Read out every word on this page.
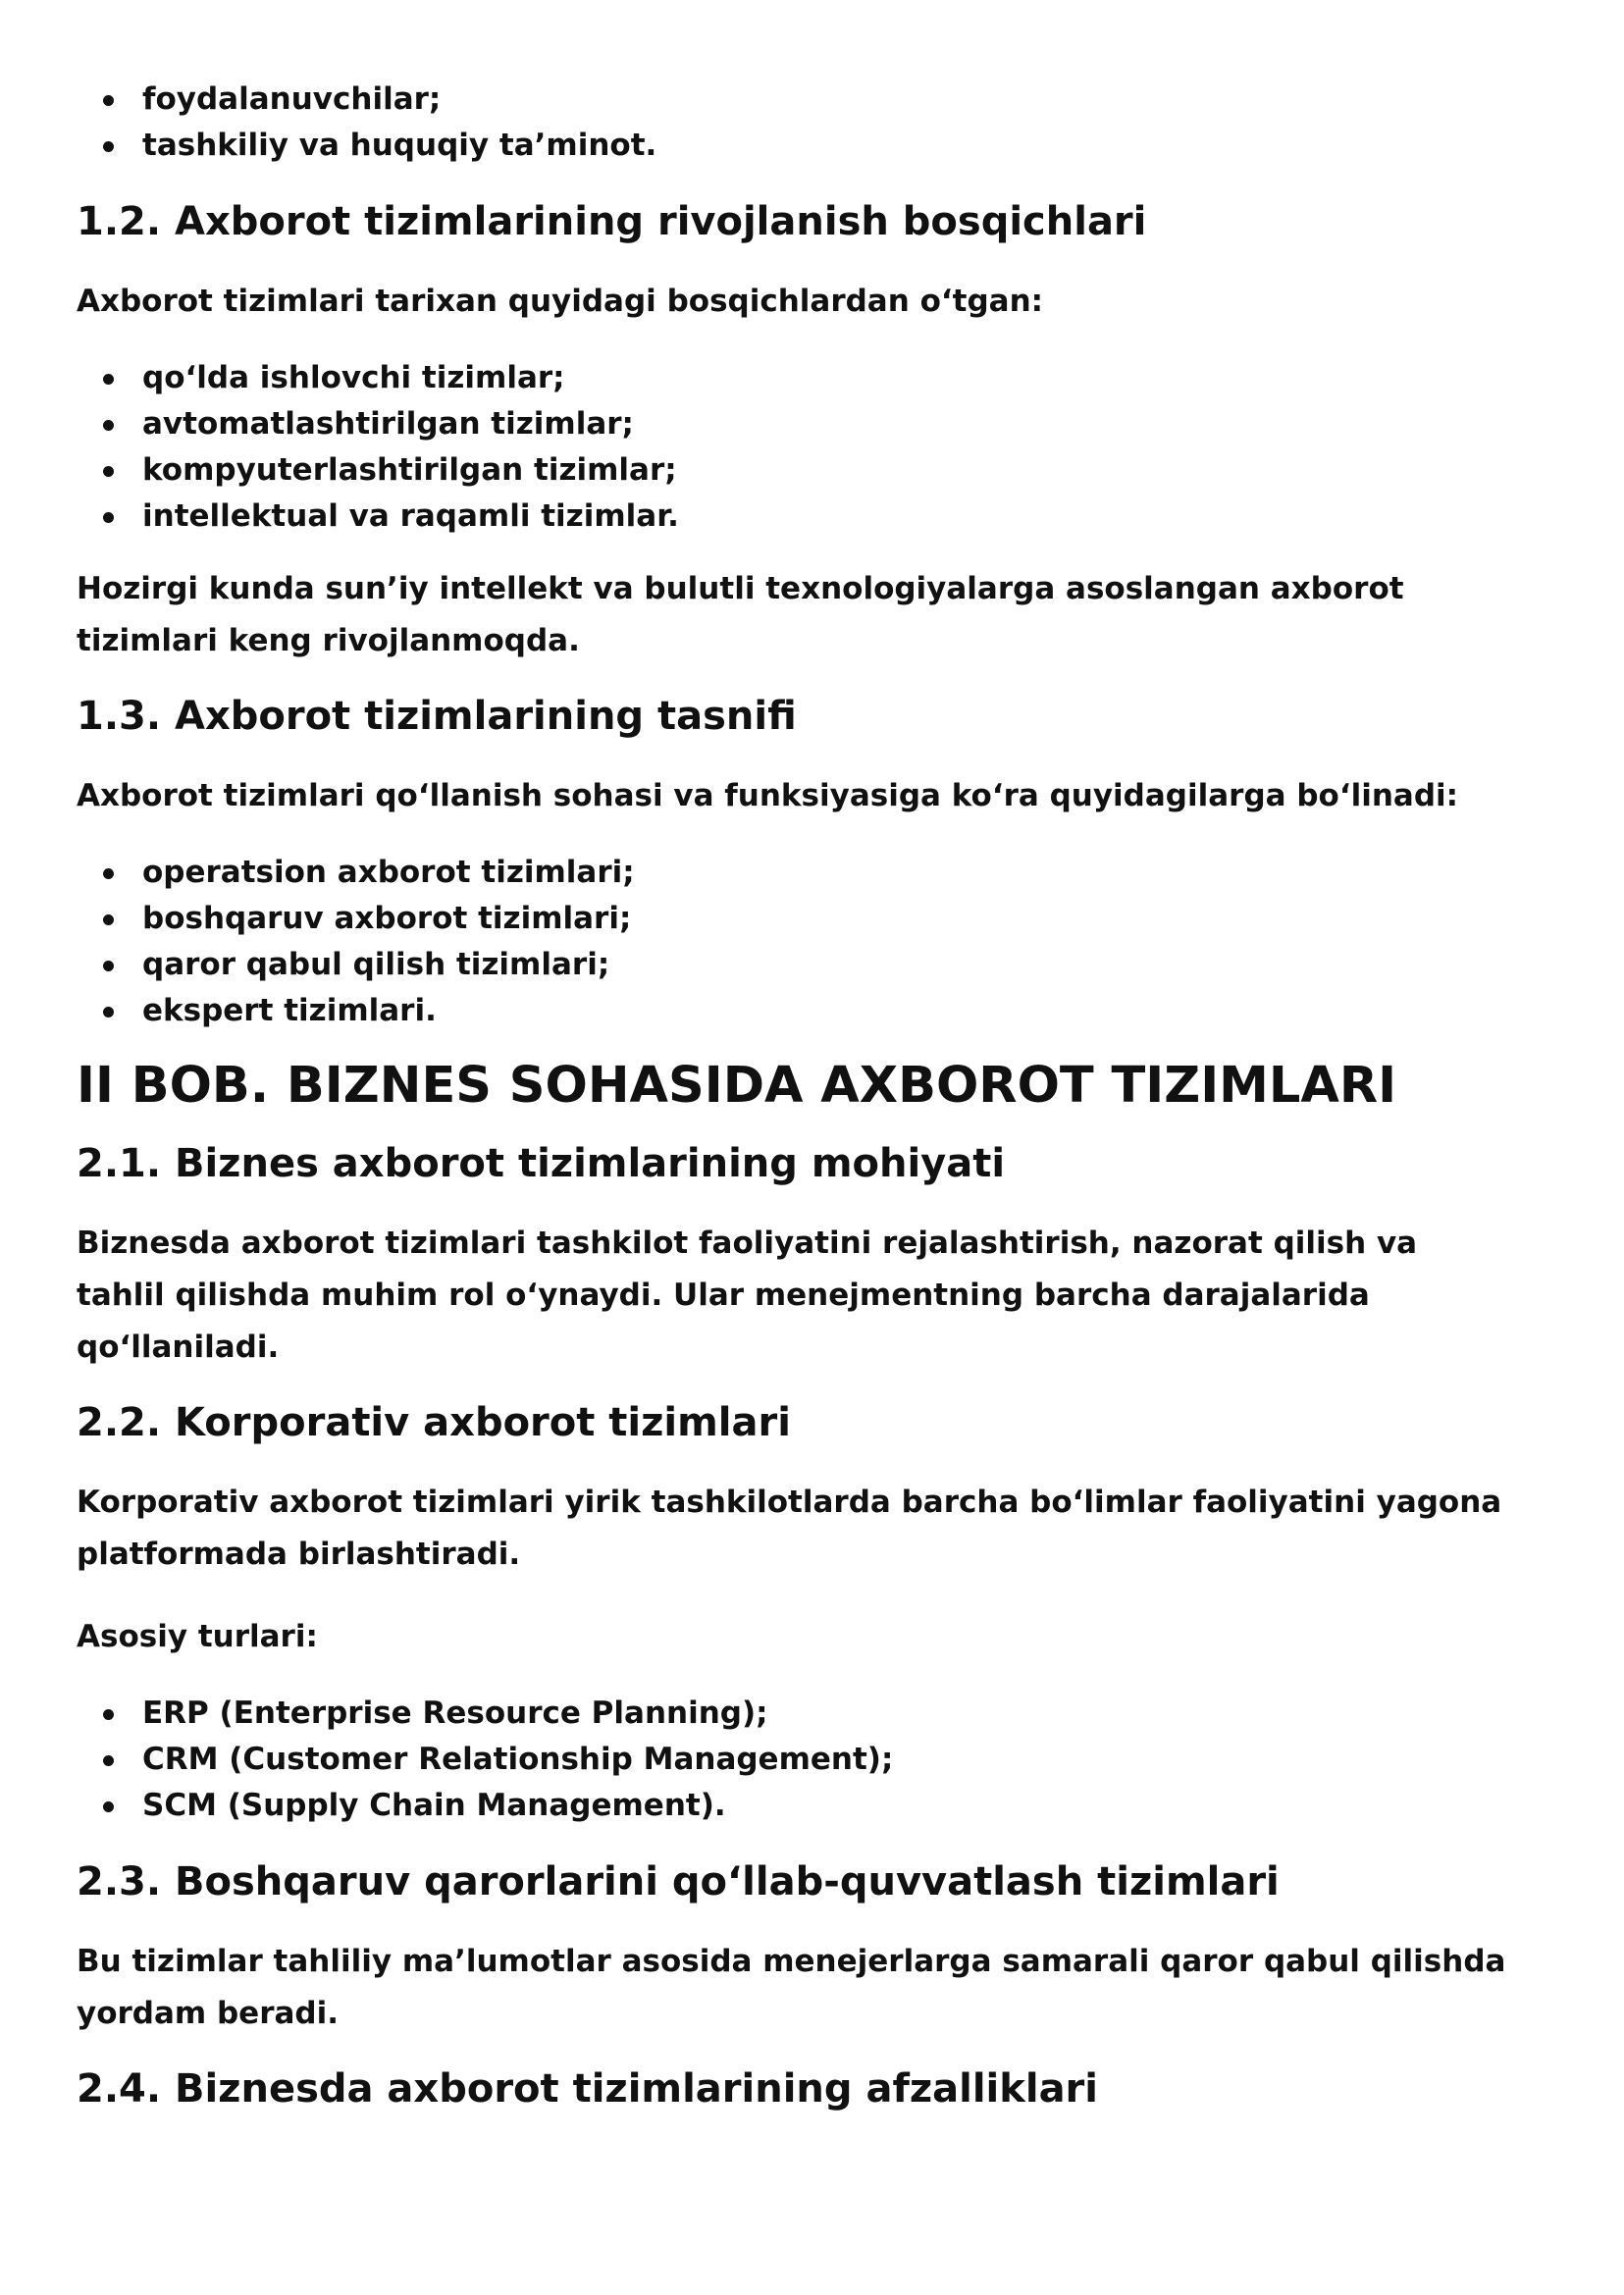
foydalanuvchilar;
tashkiliy va huquqiy ta’minot.
1.2. Axborot tizimlarining rivojlanish bosqichlari

Axborot tizimlari tarixan quyidagi bosqichlardan o‘tgan:

qo‘lda ishlovchi tizimlar;
avtomatlashtirilgan tizimlar;
kompyuterlashtirilgan tizimlar;
intellektual va raqamli tizimlar.

Hozirgi kunda sun’iy intellekt va bulutli texnologiyalarga asoslangan axborot tizimlari keng rivojlanmoqda.

1.3. Axborot tizimlarining tasnifi

Axborot tizimlari qo‘llanish sohasi va funksiyasiga ko‘ra quyidagilarga bo‘linadi:

operatsion axborot tizimlari;
boshqaruv axborot tizimlari;
qaror qabul qilish tizimlari;
ekspert tizimlari.
II BOB. BIZNES SOHASIDA AXBOROT TIZIMLARI
2.1. Biznes axborot tizimlarining mohiyati

Biznesda axborot tizimlari tashkilot faoliyatini rejalashtirish, nazorat qilish va tahlil qilishda muhim rol o‘ynaydi. Ular menejmentning barcha darajalarida qo‘llaniladi.

2.2. Korporativ axborot tizimlari

Korporativ axborot tizimlari yirik tashkilotlarda barcha bo‘limlar faoliyatini yagona platformada birlashtiradi.

Asosiy turlari:

ERP (Enterprise Resource Planning);
CRM (Customer Relationship Management);
SCM (Supply Chain Management).
2.3. Boshqaruv qarorlarini qo‘llab-quvvatlash tizimlari

Bu tizimlar tahliliy ma’lumotlar asosida menejerlarga samarali qaror qabul qilishda yordam beradi.

2.4. Biznesda axborot tizimlarining afzalliklari
